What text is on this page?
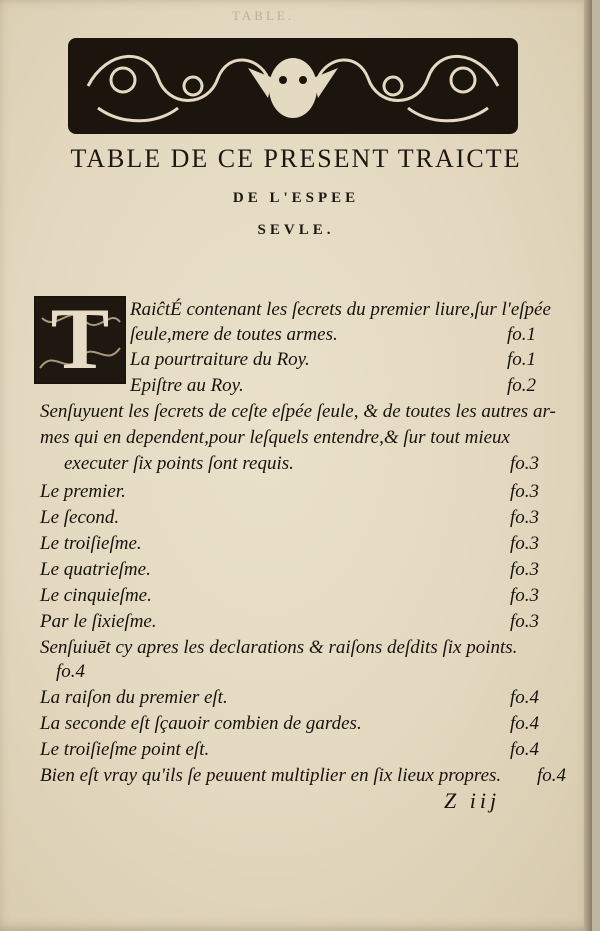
TABLE.
TABLE DE CE PRESENT TRAICTE
DE L'ESPEE
SEVLE.
T	RaiĉtÉ contenant les ſecrets du premier liure,ſur l'eſpée
ſeule,mere de toutes armes.	fo.1
La pourtraiture du Roy.	fo.1
Epiſtre au Roy.	fo.2
Senſuyuent les ſecrets de ceſte eſpée ſeule, & de toutes les autres ar-
mes qui en dependent,pour leſquels entendre,& ſur tout mieux
executer ſix points ſont requis.	fo.3
Le premier.	fo.3
Le ſecond.	fo.3
Le troiſieſme.	fo.3
Le quatrieſme.	fo.3
Le cinquieſme.	fo.3
Par le ſixieſme.	fo.3
Senſuiuēt cy apres les declarations & raiſons deſdits ſix points.
fo.4
La raiſon du premier eſt.	fo.4
La seconde eſt ſçauoir combien de gardes.	fo.4
Le troiſieſme point eſt.	fo.4
Bien eſt vray qu'ils ſe peuuent multiplier en ſix lieux propres. fo.4
Z iij
